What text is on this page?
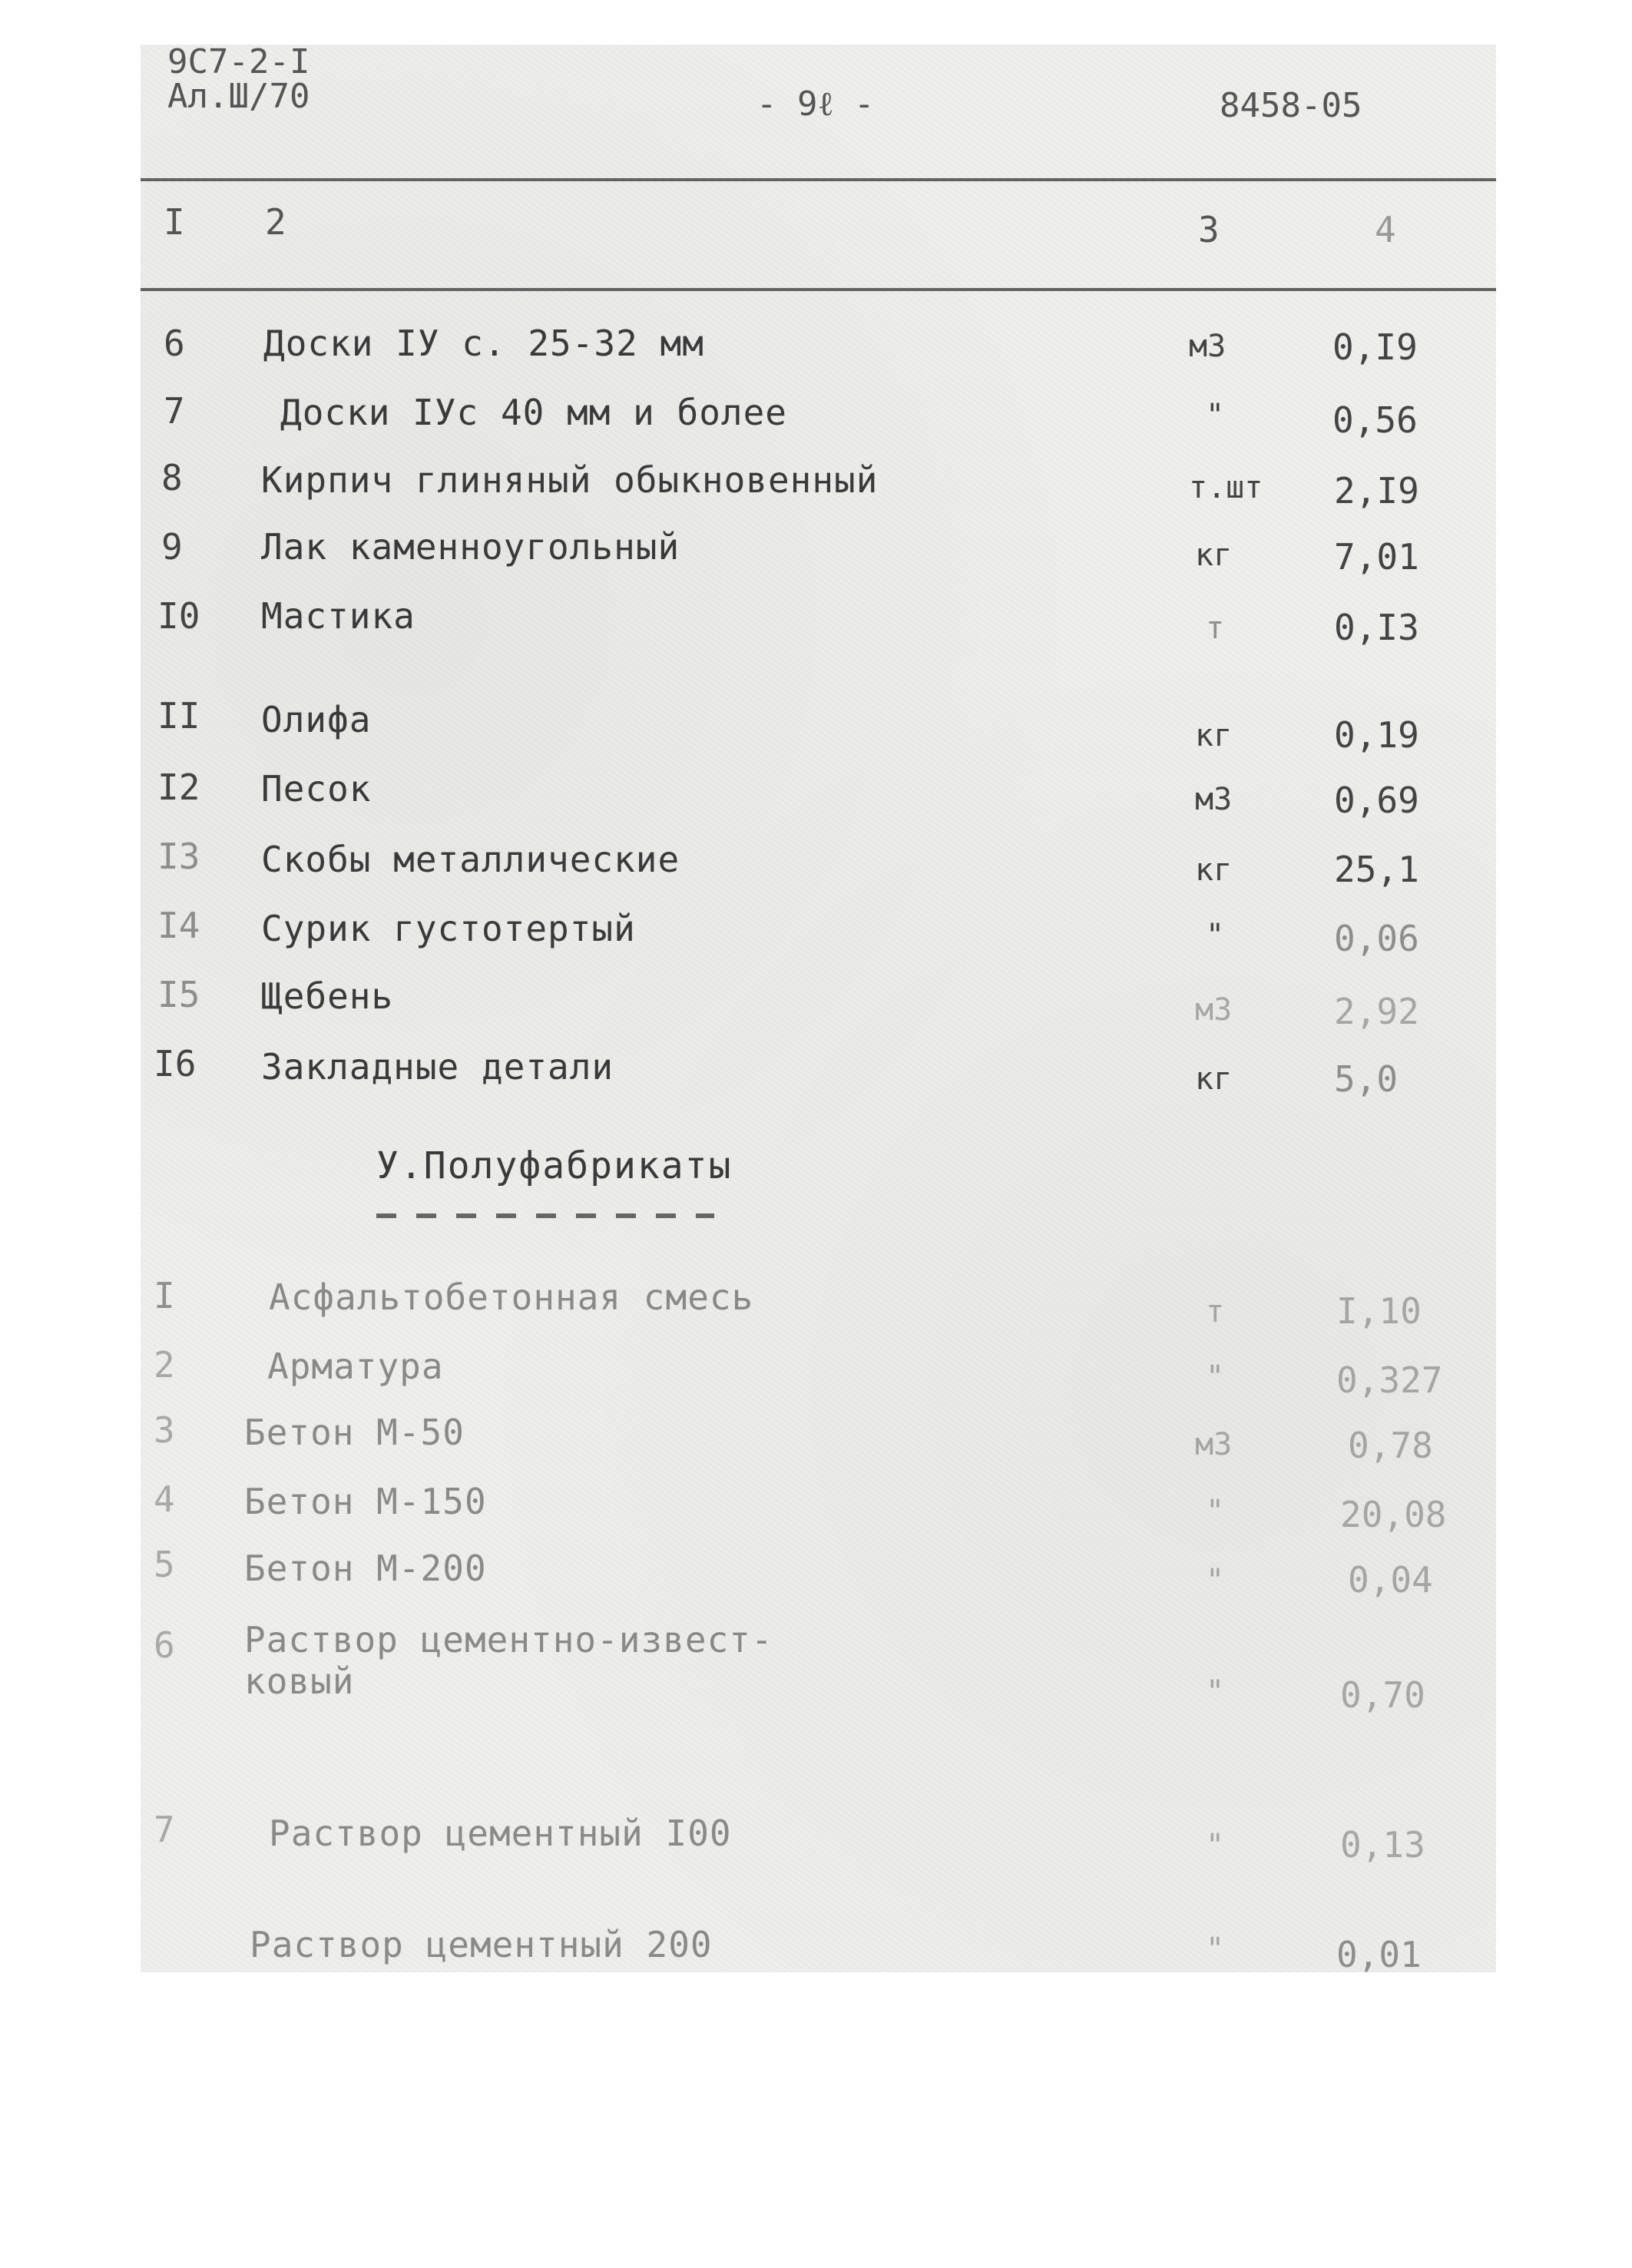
9С7-2-I
Ал.Ш/70	- 9ℓ -	8458-05
I 2	3	4
6 Доски IУ с. 25-32 мм	м3	0,I9
7	Доски IУс 40 мм и более	"	0,56
8 Кирпич глиняный обыкновенный	т.шт 2,I9
9 Лак каменноугольный	кг	7,01
I0 Мастика	т	0,I3
II Олифа	кг	0,19
I2 Песок	м3	0,69
I3 Скобы металлические	кг	25,1
I4 Сурик густотертый	"	0,06
I5 Щебень	м3	2,92
I6 Закладные детали	кг	5,0
У.Полуфабрикаты
I	Асфальтобетонная смесь	т	I,10
2	Арматура	"	0,327
3 Бетон М-50	м3	0,78
4 Бетон М-150	"	20,08
5 Бетон М-200	"	0,04
6 Раствор цементно-извест-
ковый	"	0,70
7	Раствор цементный I00	"	0,13
Раствор цементный 200	"	0,01
